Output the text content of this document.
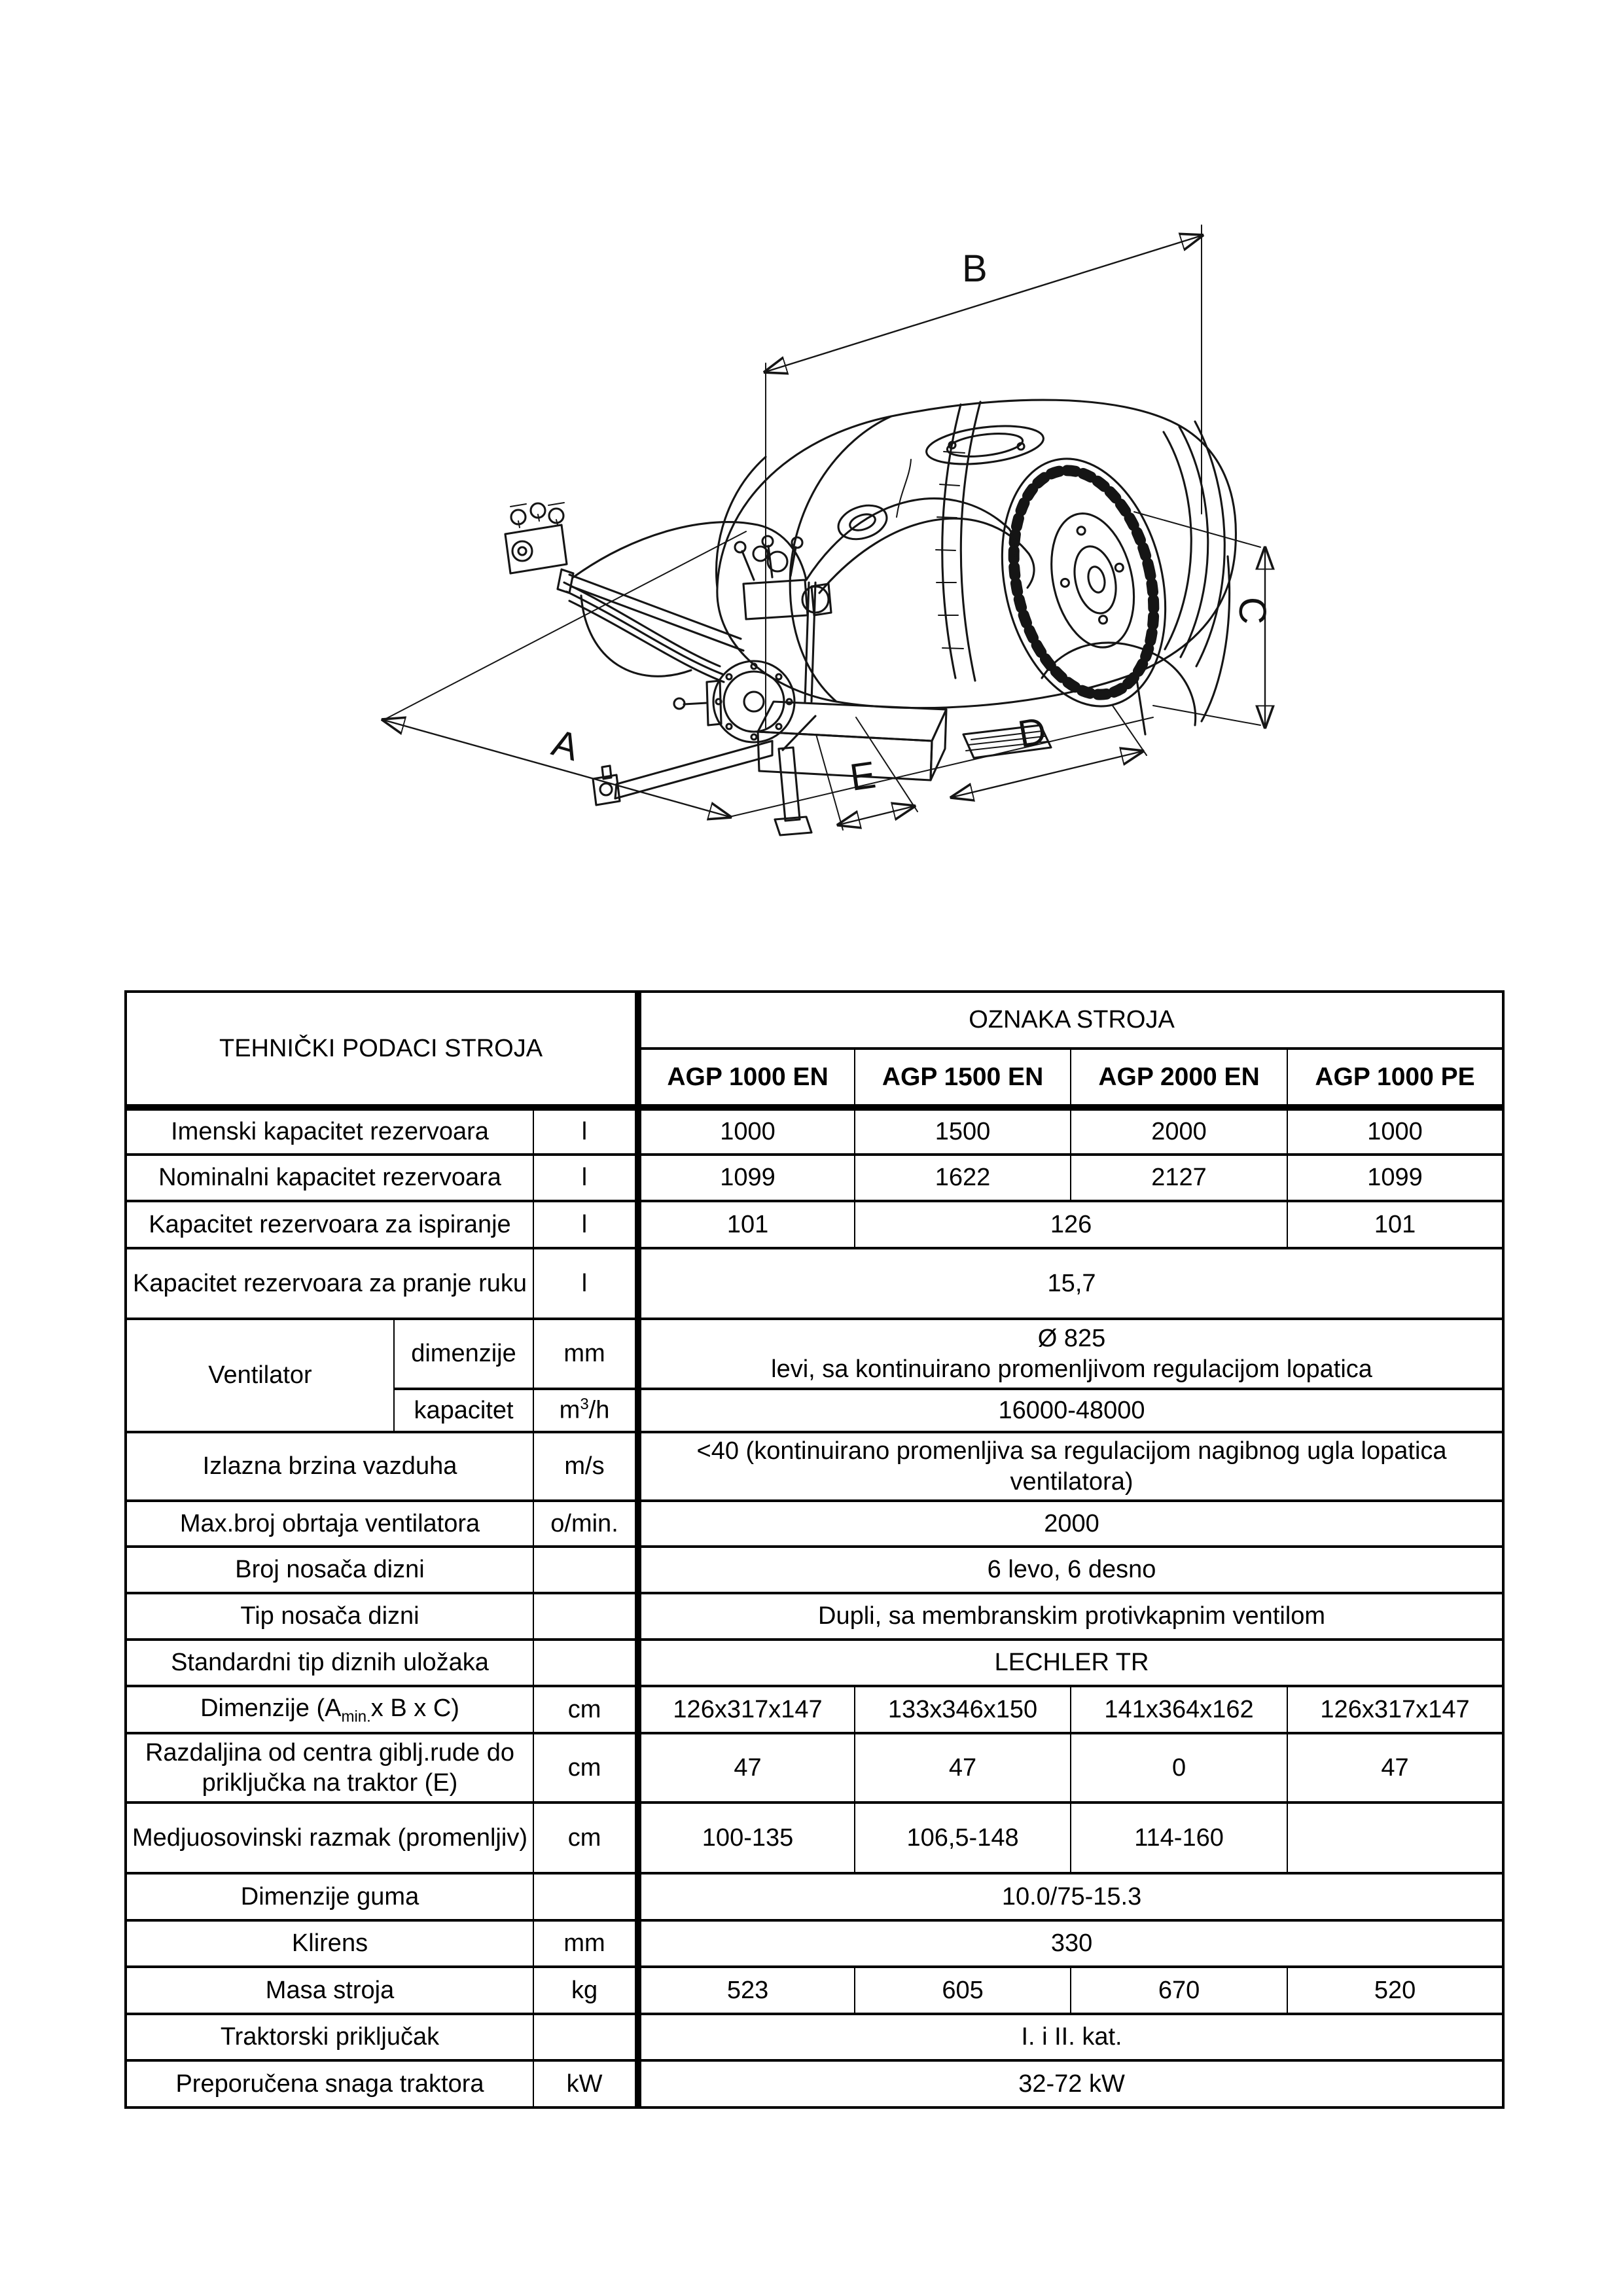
A
B
C
E
D
TEHNIČKI PODACI STROJA			OZNAKA STROJA			
			AGP 1000 EN	AGP 1500 EN	AGP 2000 EN	AGP 1000 PE
Imenski kapacitet rezervoara		l	1000	1500	2000	1000
Nominalni kapacitet rezervoara		l	1099	1622	2127	1099
Kapacitet rezervoara za ispiranje		l	101	126		101
Kapacitet rezervoara za pranje ruku		l	15,7			
Ventilator	dimenzije	mm	Ø 825
levi, sa kontinuirano promenljivom regulacijom lopatica			

	kapacitet	$m^3/h$	16000-48000			
Izlazna brzina vazduha		m/s	<40 (kontinuirano promenljiva sa regulacijom nagibnog ugla lopatica ventilatora)			
Max.broj obrtaja ventilatora		o/min.	2000			
Broj nosača dizni			6 levo, 6 desno			
Tip nosača dizni			Dupli, sa membranskim protivkapnim ventilom			
Standardni tip diznih uložaka			LECHLER TR			
Dimenzije ($A_{min.}x$ B x C)		cm	126x317x147	133x346x150	141x364x162	126x317x147
Razdaljina od centra giblj.rude do priključka na traktor (E)		cm	47	47	0	47
Medjuosovinski razmak (promenljiv)		cm	100-135	106,5-148	114-160	
Dimenzije guma			10.0/75-15.3			
Klirens		mm	330			
Masa stroja		kg	523	605	670	520
Traktorski priključak			I. i II. kat.			
Preporučena snaga traktora		kW	32-72 kW			
